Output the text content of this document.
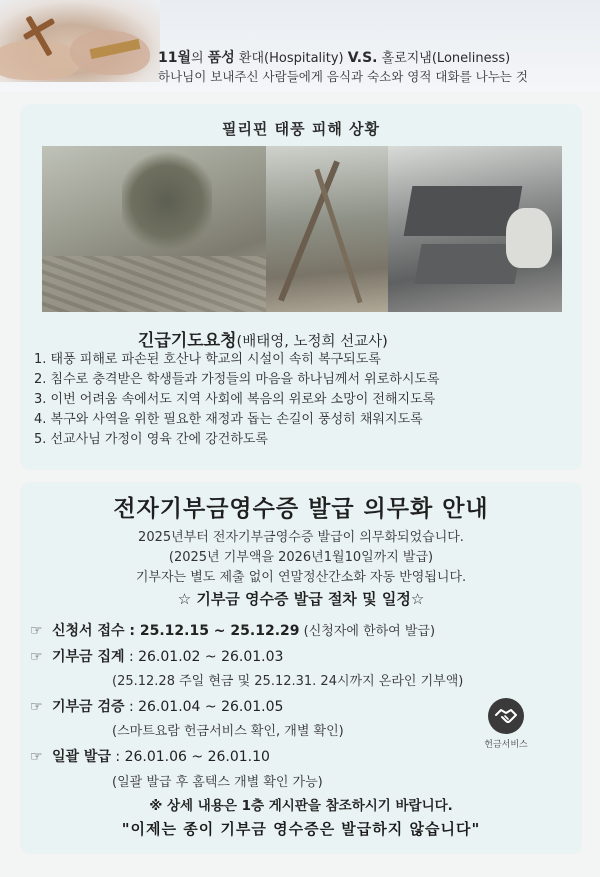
11월의 품성 환대(Hospitality) V.S. 홀로지냄(Loneliness)
하나님이 보내주신 사람들에게 음식과 숙소와 영적 대화를 나누는 것
필리핀 태풍 피해 상황
긴급기도요청(배태영, 노정희 선교사)
1. 태풍 피해로 파손된 호산나 학교의 시설이 속히 복구되도록
2. 침수로 충격받은 학생들과 가정들의 마음을 하나님께서 위로하시도록
3. 이번 어려움 속에서도 지역 사회에 복음의 위로와 소망이 전해지도록
4. 복구와 사역을 위한 필요한 재정과 돕는 손길이 풍성히 채워지도록
5. 선교사님 가정이 영육 간에 강건하도록
전자기부금영수증 발급 의무화 안내
2025년부터 전자기부금영수증 발급이 의무화되었습니다.
(2025년 기부액을 2026년1월10일까지 발급)
기부자는 별도 제출 없이 연말정산간소화 자동 반영됩니다.
☆ 기부금 영수증 발급 절차 및 일정☆
☞ 신청서 접수 : 25.12.15 ~ 25.12.29 (신청자에 한하여 발급)
☞ 기부금 집계 : 26.01.02 ~ 26.01.03
(25.12.28 주일 현금 및 25.12.31. 24시까지 온라인 기부액)
☞ 기부금 검증 : 26.01.04 ~ 26.01.05
(스마트요람 헌금서비스 확인, 개별 확인)
☞ 일괄 발급 : 26.01.06 ~ 26.01.10
(일괄 발급 후 홈텍스 개별 확인 가능)
헌금서비스
※ 상세 내용은 1층 게시판을 참조하시기 바랍니다.
"이제는 종이 기부금 영수증은 발급하지 않습니다"
